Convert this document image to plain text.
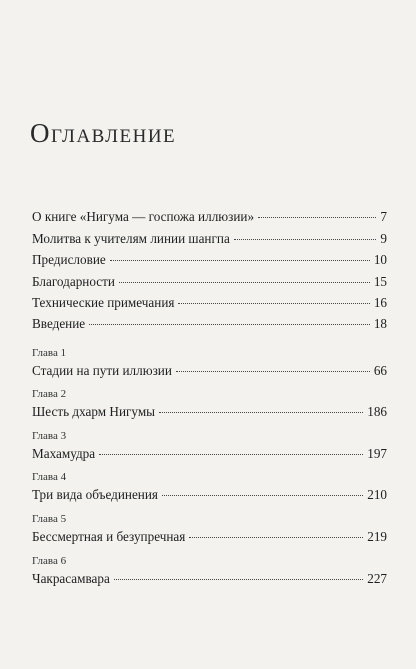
Оглавление
О книге «Нигума — госпожа иллюзии»	7
Молитва к учителям линии шангпа	9
Предисловие	10
Благодарности	15
Технические примечания	16
Введение	18
Глава 1
Стадии на пути иллюзии	66
Глава 2
Шесть дхарм Нигумы	186
Глава 3
Махамудра	197
Глава 4
Три вида объединения	210
Глава 5
Бессмертная и безупречная	219
Глава 6
Чакрасамвара	227
